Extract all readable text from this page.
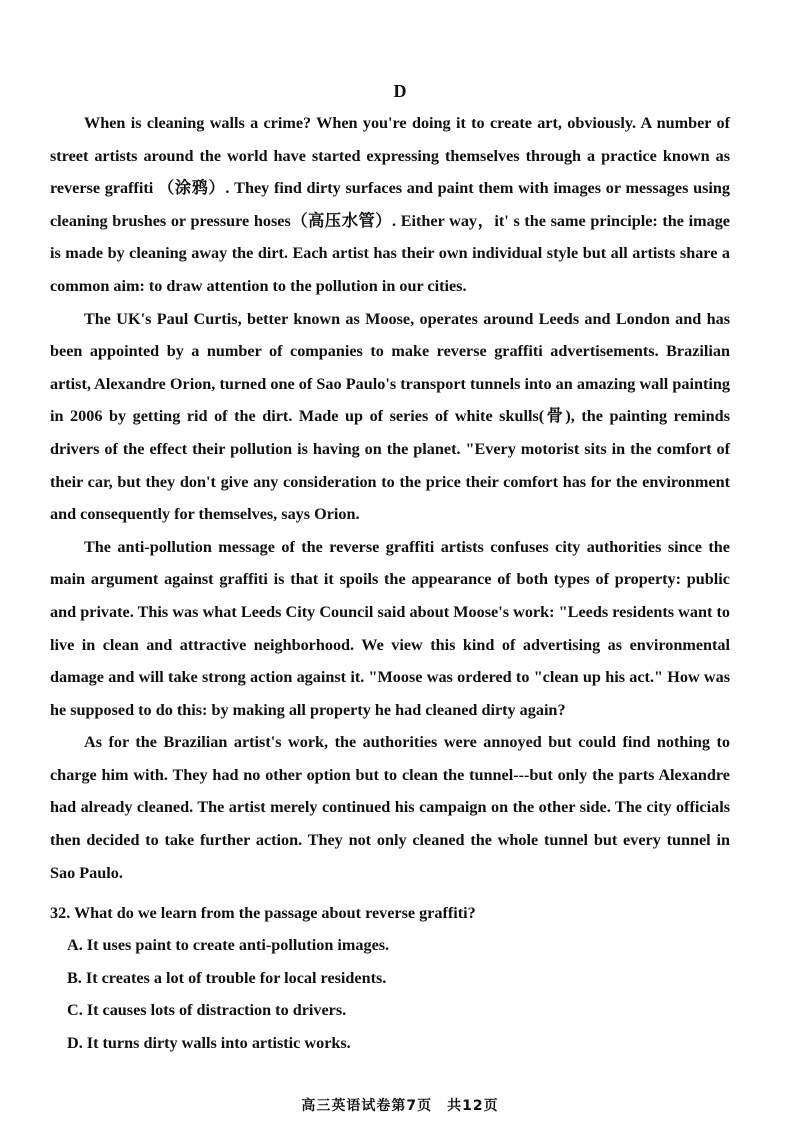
D

When is cleaning walls a crime? When you're doing it to create art, obviously. A number of street artists around the world have started expressing themselves through a practice known as reverse graffiti （涂鸦）. They find dirty surfaces and paint them with images or messages using cleaning brushes or pressure hoses（高压水管）. Either way，it' s the same principle: the image is made by cleaning away the dirt. Each artist has their own individual style but all artists share a common aim: to draw attention to the pollution in our cities.

The UK's Paul Curtis, better known as Moose, operates around Leeds and London and has been appointed by a number of companies to make reverse graffiti advertisements. Brazilian artist, Alexandre Orion, turned one of Sao Paulo's transport tunnels into an amazing wall painting in 2006 by getting rid of the dirt. Made up of series of white skulls(骨), the painting reminds drivers of the effect their pollution is having on the planet. "Every motorist sits in the comfort of their car, but they don't give any consideration to the price their comfort has for the environment and consequently for themselves, says Orion.

The anti-pollution message of the reverse graffiti artists confuses city authorities since the main argument against graffiti is that it spoils the appearance of both types of property: public and private. This was what Leeds City Council said about Moose's work: "Leeds residents want to live in clean and attractive neighborhood. We view this kind of advertising as environmental damage and will take strong action against it. "Moose was ordered to "clean up his act." How was he supposed to do this: by making all property he had cleaned dirty again?

As for the Brazilian artist's work, the authorities were annoyed but could find nothing to charge him with. They had no other option but to clean the tunnel---but only the parts Alexandre had already cleaned. The artist merely continued his campaign on the other side. The city officials then decided to take further action. They not only cleaned the whole tunnel but every tunnel in Sao Paulo.

32. What do we learn from the passage about reverse graffiti?

A. It uses paint to create anti-pollution images.
B. It creates a lot of trouble for local residents.
C. It causes lots of distraction to drivers.
D. It turns dirty walls into artistic works.
高三英语试卷第7页　共12页
